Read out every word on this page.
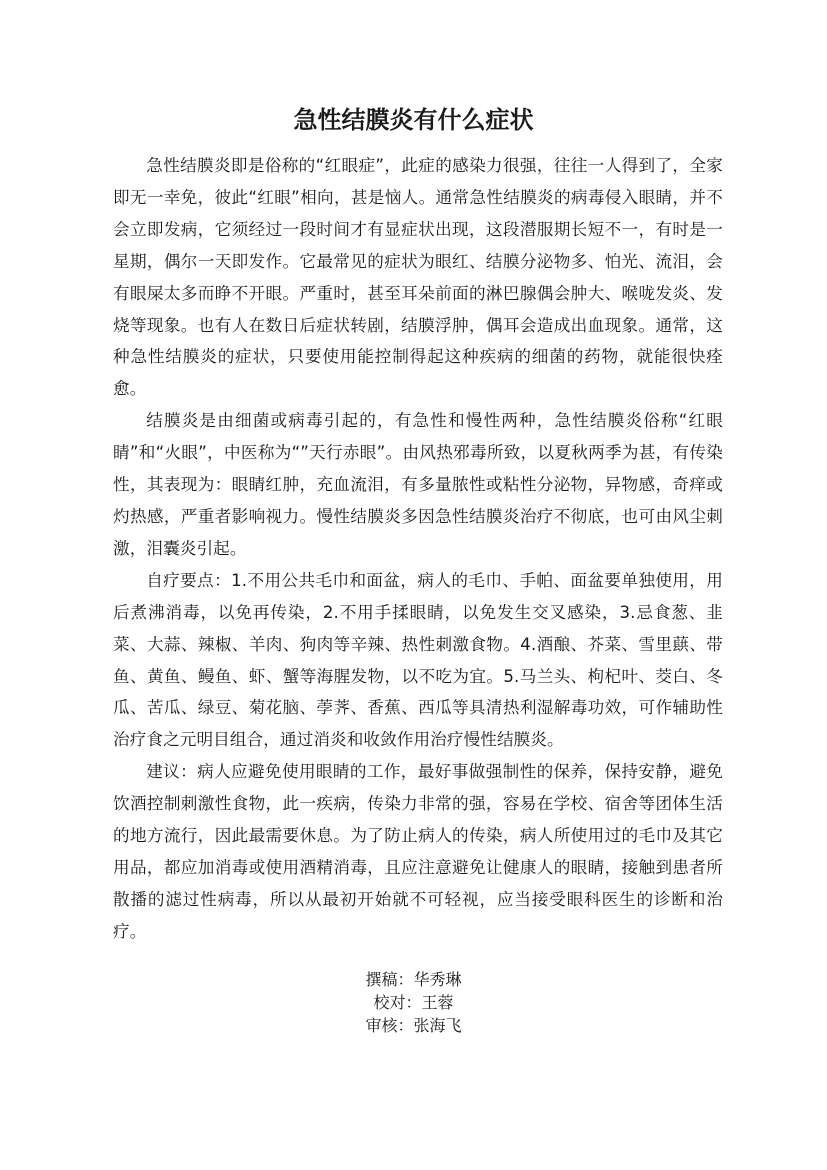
急性结膜炎有什么症状

急性结膜炎即是俗称的“红眼症”，此症的感染力很强，往往一人得到了，全家即无一幸免，彼此“红眼”相向，甚是恼人。通常急性结膜炎的病毒侵入眼睛，并不会立即发病，它须经过一段时间才有显症状出现，这段潜服期长短不一，有时是一星期，偶尔一天即发作。它最常见的症状为眼红、结膜分泌物多、怕光、流泪，会有眼屎太多而睁不开眼。严重时，甚至耳朵前面的淋巴腺偶会肿大、喉咙发炎、发烧等现象。也有人在数日后症状转剧，结膜浮肿，偶耳会造成出血现象。通常，这种急性结膜炎的症状，只要使用能控制得起这种疾病的细菌的药物，就能很快痊愈。

结膜炎是由细菌或病毒引起的，有急性和慢性两种，急性结膜炎俗称“红眼睛”和“火眼”，中医称为“”天行赤眼”。由风热邪毒所致，以夏秋两季为甚，有传染性，其表现为：眼睛红肿，充血流泪，有多量脓性或粘性分泌物，异物感，奇痒或灼热感，严重者影响视力。慢性结膜炎多因急性结膜炎治疗不彻底，也可由风尘刺激，泪囊炎引起。

自疗要点：1.不用公共毛巾和面盆，病人的毛巾、手帕、面盆要单独使用，用后煮沸消毒，以免再传染，2.不用手揉眼睛，以免发生交叉感染，3.忌食葱、韭菜、大蒜、辣椒、羊肉、狗肉等辛辣、热性刺激食物。4.酒酿、芥菜、雪里蕻、带鱼、黄鱼、鳗鱼、虾、蟹等海腥发物，以不吃为宜。5.马兰头、枸杞叶、茭白、冬瓜、苦瓜、绿豆、菊花脑、荸荠、香蕉、西瓜等具清热利湿解毒功效，可作辅助性治疗食之元明目组合，通过消炎和收敛作用治疗慢性结膜炎。

建议：病人应避免使用眼睛的工作，最好事做强制性的保养，保持安静，避免饮酒控制刺激性食物，此一疾病，传染力非常的强，容易在学校、宿舍等团体生活的地方流行，因此最需要休息。为了防止病人的传染，病人所使用过的毛巾及其它用品，都应加消毒或使用酒精消毒，且应注意避免让健康人的眼睛，接触到患者所散播的滤过性病毒，所以从最初开始就不可轻视，应当接受眼科医生的诊断和治疗。

撰稿：华秀琳
校对：王蓉
审核：张海飞
